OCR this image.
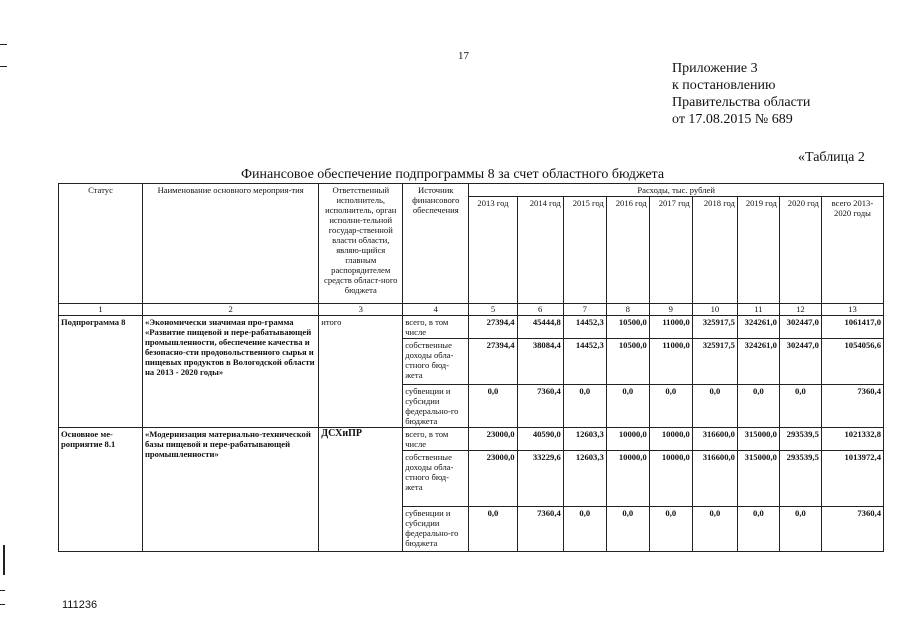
17
Приложение 3
к постановлению
Правительства области
от 17.08.2015 № 689
«Таблица 2
Финансовое обеспечение подпрограммы 8 за счет областного бюджета
Статус	Наименование основного мероприя-тия	Ответственный исполнитель, исполнитель, орган исполни-тельной государ-ственной власти области, являю-щийся главным распорядителем средств област-ного бюджета	Источник финансового обеспечения	Расходы, тыс. рублей								
				2013 год	2014 год	2015 год	2016 год	2017 год	2018 год	2019 год	2020 год	всего 2013-2020 годы
1	2	3	4	5	6	7	8	9	10	11	12	13
Подпрограмма 8	«Экономически значимая про-грамма «Развитие пищевой и пере-рабатывающей промышленности, обеспечение качества и безопасно-сти продовольственного сырья и пищевых продуктов в Вологодской области на 2013 - 2020 годы»	итого	всего, в том числе	27394,4	45444,8	14452,3	10500,0	11000,0	325917,5	324261,0	302447,0	1061417,0
			собственные доходы обла-стного бюд-жета	27394,4	38084,4	14452,3	10500,0	11000,0	325917,5	324261,0	302447,0	1054056,6
			субвенции и субсидии федерально-го бюджета	0,0	7360,4	0,0	0,0	0,0	0,0	0,0	0,0	7360,4
Основное ме-роприятие 8.1	«Модернизация материально-технической базы пищевой и пере-рабатывающей промышленности»	ДСХиПР	всего, в том числе	23000,0	40590,0	12603,3	10000,0	10000,0	316600,0	315000,0	293539,5	1021332,8
			собственные доходы обла-стного бюд-жета	23000,0	33229,6	12603,3	10000,0	10000,0	316600,0	315000,0	293539,5	1013972,4
			субвенции и субсидии федерально-го бюджета	0,0	7360,4	0,0	0,0	0,0	0,0	0,0	0,0	7360,4
111236
